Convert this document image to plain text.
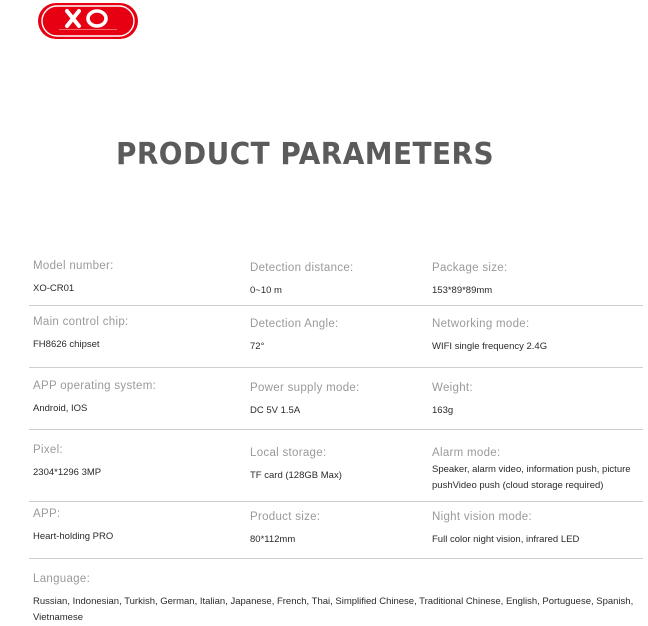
PRODUCT PARAMETERS
Model number:
XO-CR01
Detection distance:
0~10 m
Package size:
153*89*89mm
Main control chip:
FH8626 chipset
Detection Angle:
72°
Networking mode:
WIFI single frequency 2.4G
APP operating system:
Android, IOS
Power supply mode:
DC 5V 1.5A
Weight:
163g
Pixel:
2304*1296 3MP
Local storage:
TF card (128GB Max)
Alarm mode:
Speaker, alarm video, information push, picture
pushVideo push (cloud storage required)
APP:
Heart-holding PRO
Product size:
80*112mm
Night vision mode:
Full color night vision, infrared LED
Language:
Russian, Indonesian, Turkish, German, Italian, Japanese, French, Thai, Simplified Chinese, Traditional Chinese, English, Portuguese, Spanish, Vietnamese
